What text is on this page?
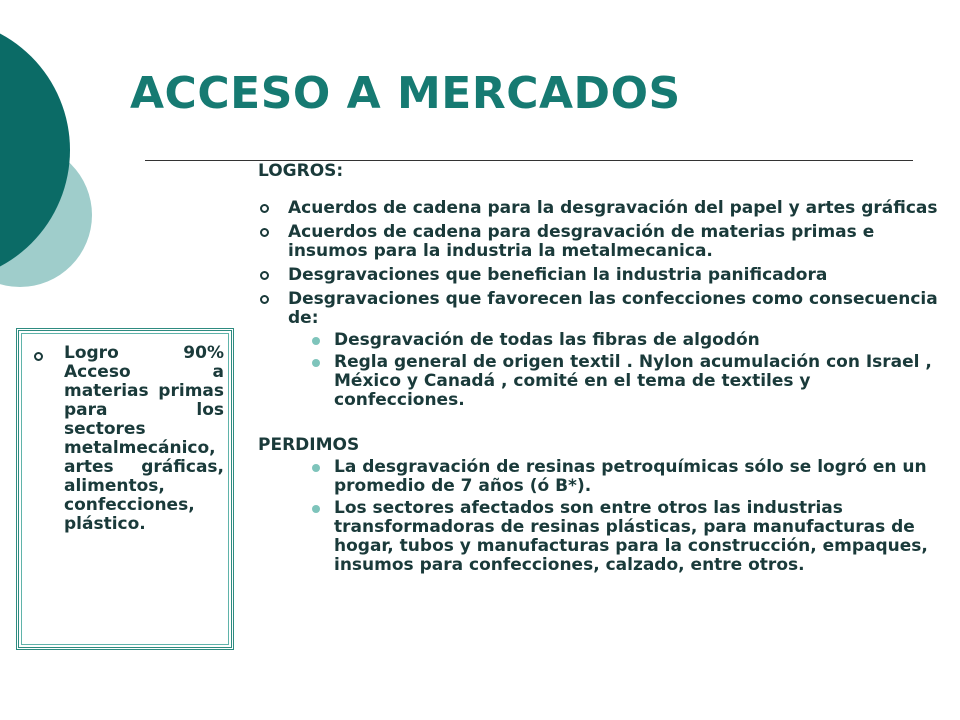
ACCESO A MERCADOS
Logro 90% Acceso a materias primas para los sectores metalmecánico, artes gráficas, alimentos, confecciones, plástico.

LOGROS:

Acuerdos de cadena para la desgravación del papel y artes gráficas
Acuerdos de cadena para desgravación de materias primas e insumos para la industria la metalmecanica.
Desgravaciones que benefician la industria panificadora
Desgravaciones que favorecen las confecciones como consecuencia de:
Desgravación de todas las fibras de algodón
Regla general de origen textil . Nylon acumulación con Israel , México y Canadá , comité en el tema de textiles y confecciones.

PERDIMOS

La desgravación de resinas petroquímicas sólo se logró en un promedio de 7 años (ó B*).
Los sectores afectados son entre otros las industrias transformadoras de resinas plásticas, para manufacturas de hogar, tubos y manufacturas para la construcción, empaques, insumos para confecciones, calzado, entre otros.
